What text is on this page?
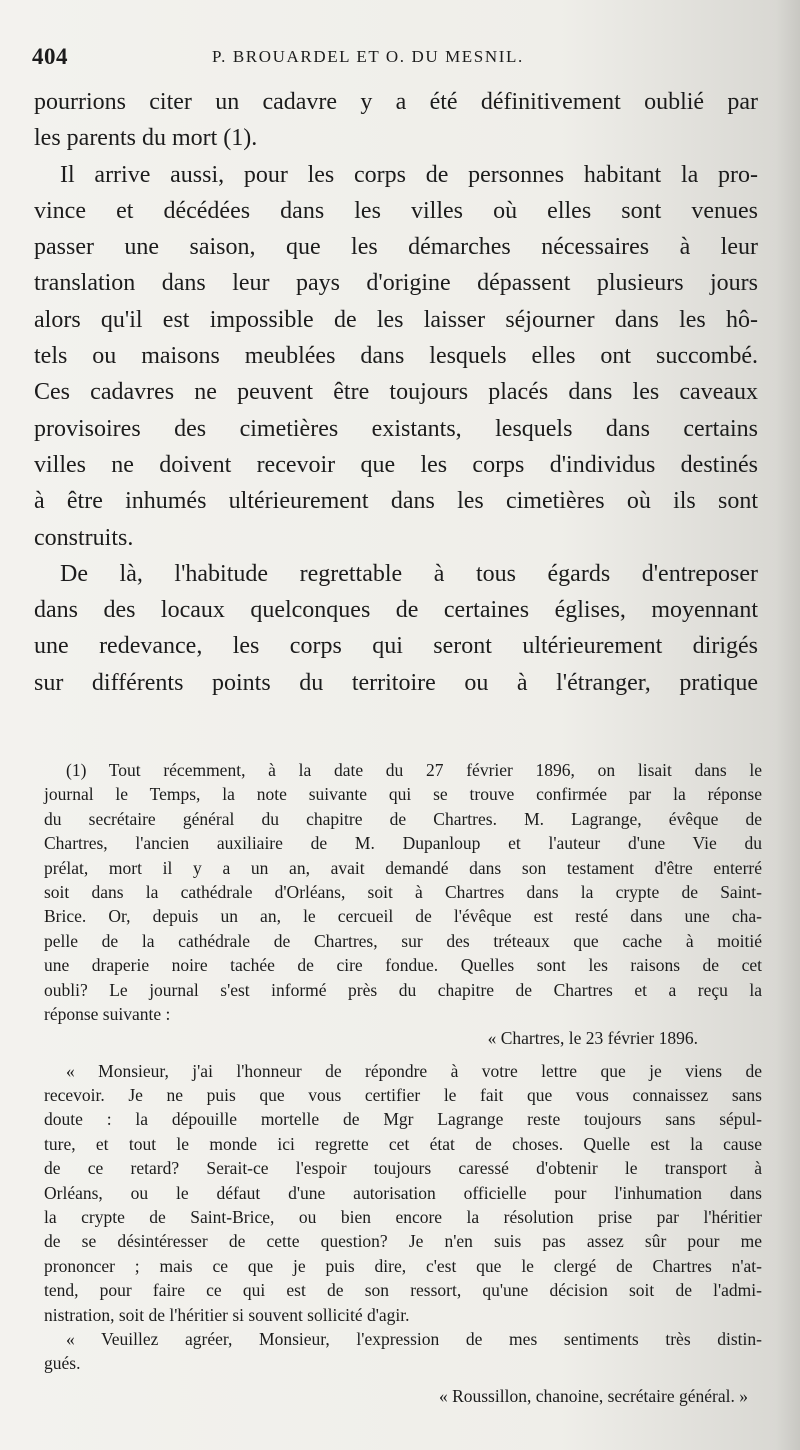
404	P. BROUARDEL ET O. DU MESNIL.
pourrions citer un cadavre y a été définitivement oublié par
les parents du mort (1).
Il arrive aussi, pour les corps de personnes habitant la pro-
vince et décédées dans les villes où elles sont venues
passer une saison, que les démarches nécessaires à leur
translation dans leur pays d'origine dépassent plusieurs jours
alors qu'il est impossible de les laisser séjourner dans les hô-
tels ou maisons meublées dans lesquels elles ont succombé.
Ces cadavres ne peuvent être toujours placés dans les caveaux
provisoires des cimetières existants, lesquels dans certains
villes ne doivent recevoir que les corps d'individus destinés
à être inhumés ultérieurement dans les cimetières où ils sont
construits.
De là, l'habitude regrettable à tous égards d'entreposer
dans des locaux quelconques de certaines églises, moyennant
une redevance, les corps qui seront ultérieurement dirigés
sur différents points du territoire ou à l'étranger, pratique
(1) Tout récemment, à la date du 27 février 1896, on lisait dans le
journal le Temps, la note suivante qui se trouve confirmée par la réponse
du secrétaire général du chapitre de Chartres. M. Lagrange, évêque de
Chartres, l'ancien auxiliaire de M. Dupanloup et l'auteur d'une Vie du
prélat, mort il y a un an, avait demandé dans son testament d'être enterré
soit dans la cathédrale d'Orléans, soit à Chartres dans la crypte de Saint-
Brice. Or, depuis un an, le cercueil de l'évêque est resté dans une cha-
pelle de la cathédrale de Chartres, sur des tréteaux que cache à moitié
une draperie noire tachée de cire fondue. Quelles sont les raisons de cet
oubli? Le journal s'est informé près du chapitre de Chartres et a reçu la
réponse suivante :
« Chartres, le 23 février 1896.
« Monsieur, j'ai l'honneur de répondre à votre lettre que je viens de
recevoir. Je ne puis que vous certifier le fait que vous connaissez sans
doute : la dépouille mortelle de Mgr Lagrange reste toujours sans sépul-
ture, et tout le monde ici regrette cet état de choses. Quelle est la cause
de ce retard? Serait-ce l'espoir toujours caressé d'obtenir le transport à
Orléans, ou le défaut d'une autorisation officielle pour l'inhumation dans
la crypte de Saint-Brice, ou bien encore la résolution prise par l'héritier
de se désintéresser de cette question? Je n'en suis pas assez sûr pour me
prononcer ; mais ce que je puis dire, c'est que le clergé de Chartres n'at-
tend, pour faire ce qui est de son ressort, qu'une décision soit de l'admi-
nistration, soit de l'héritier si souvent sollicité d'agir.
« Veuillez agréer, Monsieur, l'expression de mes sentiments très distin-
gués.
« Roussillon, chanoine, secrétaire général. »
